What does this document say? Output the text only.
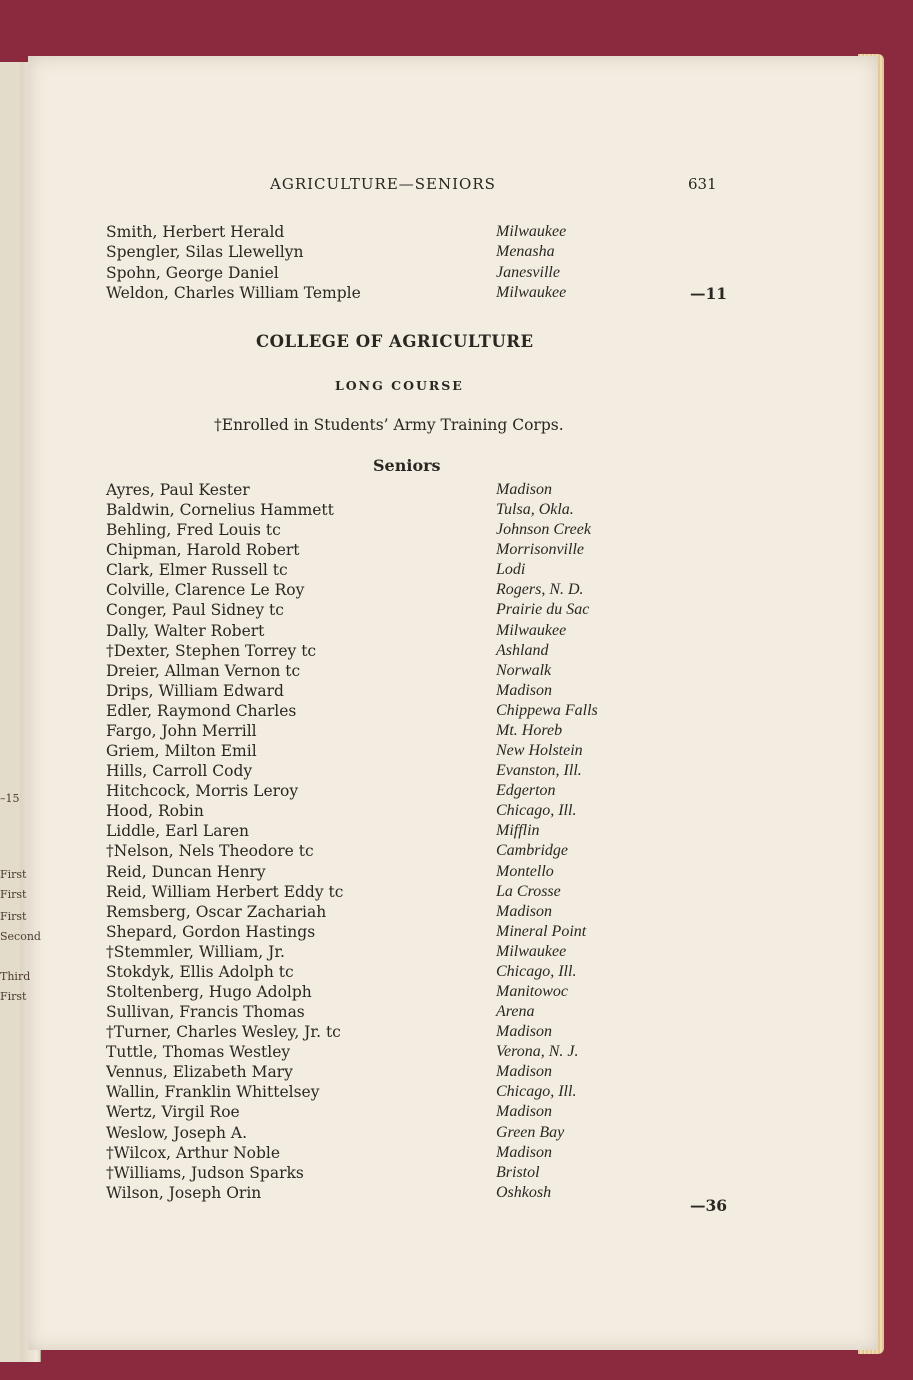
–15
First
First
First
Second
Third
First
AGRICULTURE—SENIORS	631
Smith, Herbert Herald	Milwaukee
Spengler, Silas Llewellyn	Menasha
Spohn, George Daniel	Janesville
Weldon, Charles William Temple	Milwaukee	—11
COLLEGE OF AGRICULTURE
LONG COURSE
†Enrolled in Students’ Army Training Corps.
Seniors
Ayres, Paul Kester	Madison
Baldwin, Cornelius Hammett	Tulsa, Okla.
Behling, Fred Louis tc	Johnson Creek
Chipman, Harold Robert	Morrisonville
Clark, Elmer Russell tc	Lodi
Colville, Clarence Le Roy	Rogers, N. D.
Conger, Paul Sidney tc	Prairie du Sac
Dally, Walter Robert	Milwaukee
†Dexter, Stephen Torrey tc	Ashland
Dreier, Allman Vernon tc	Norwalk
Drips, William Edward	Madison
Edler, Raymond Charles	Chippewa Falls
Fargo, John Merrill	Mt. Horeb
Griem, Milton Emil	New Holstein
Hills, Carroll Cody	Evanston, Ill.
Hitchcock, Morris Leroy	Edgerton
Hood, Robin	Chicago, Ill.
Liddle, Earl Laren	Mifflin
†Nelson, Nels Theodore tc	Cambridge
Reid, Duncan Henry	Montello
Reid, William Herbert Eddy tc	La Crosse
Remsberg, Oscar Zachariah	Madison
Shepard, Gordon Hastings	Mineral Point
†Stemmler, William, Jr.	Milwaukee
Stokdyk, Ellis Adolph tc	Chicago, Ill.
Stoltenberg, Hugo Adolph	Manitowoc
Sullivan, Francis Thomas	Arena
†Turner, Charles Wesley, Jr. tc	Madison
Tuttle, Thomas Westley	Verona, N. J.
Vennus, Elizabeth Mary	Madison
Wallin, Franklin Whittelsey	Chicago, Ill.
Wertz, Virgil Roe	Madison
Weslow, Joseph A.	Green Bay
†Wilcox, Arthur Noble	Madison
†Williams, Judson Sparks	Bristol
Wilson, Joseph Orin	Oshkosh
—36
